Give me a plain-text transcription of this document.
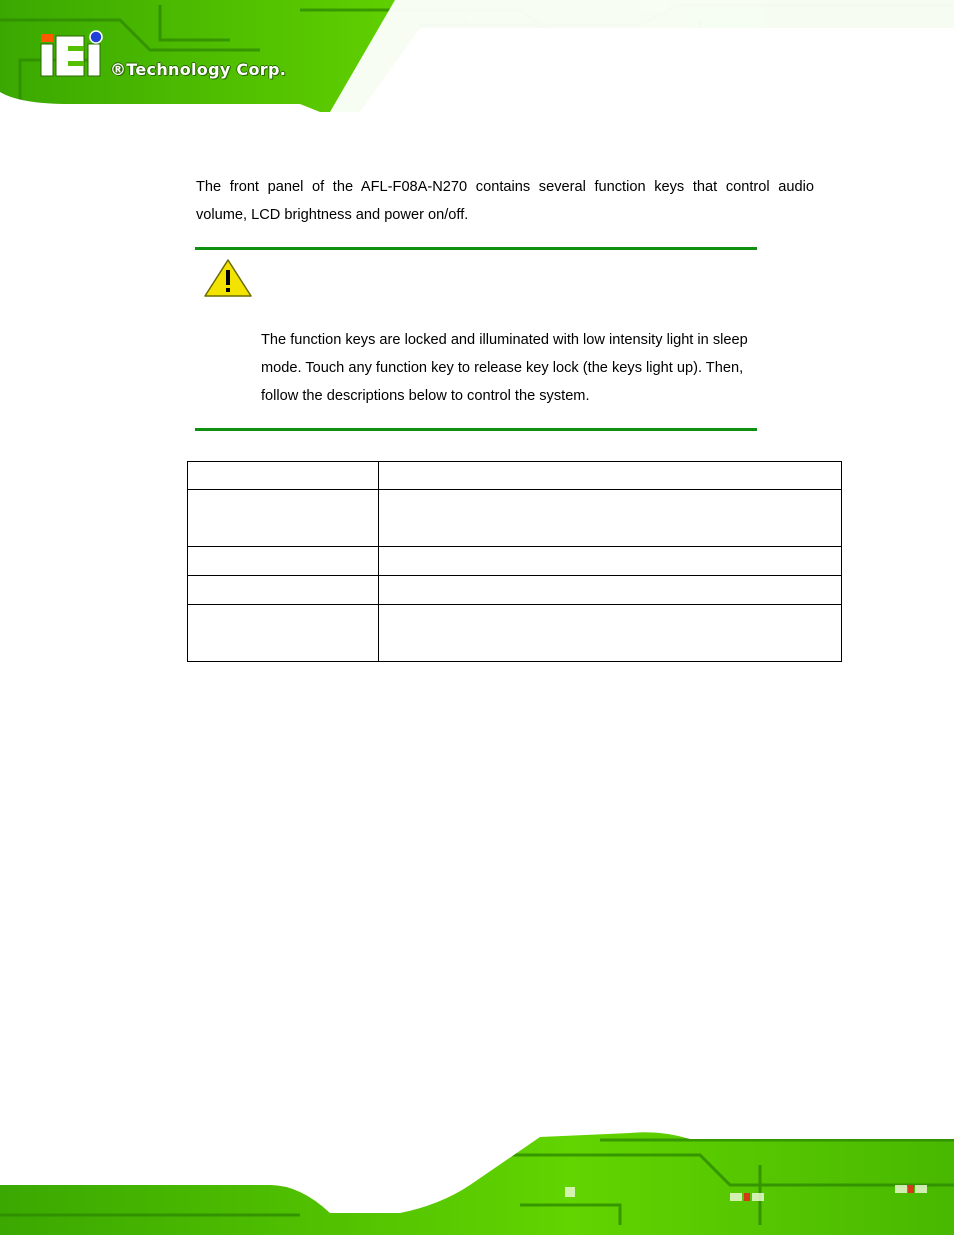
®Technology Corp.

The front panel of the AFL-F08A-N270 contains several function keys that control audio volume, LCD brightness and power on/off.

The function keys are locked and illuminated with low intensity light in sleep mode. Touch any function key to release key lock (the keys light up). Then, follow the descriptions below to control the system.
